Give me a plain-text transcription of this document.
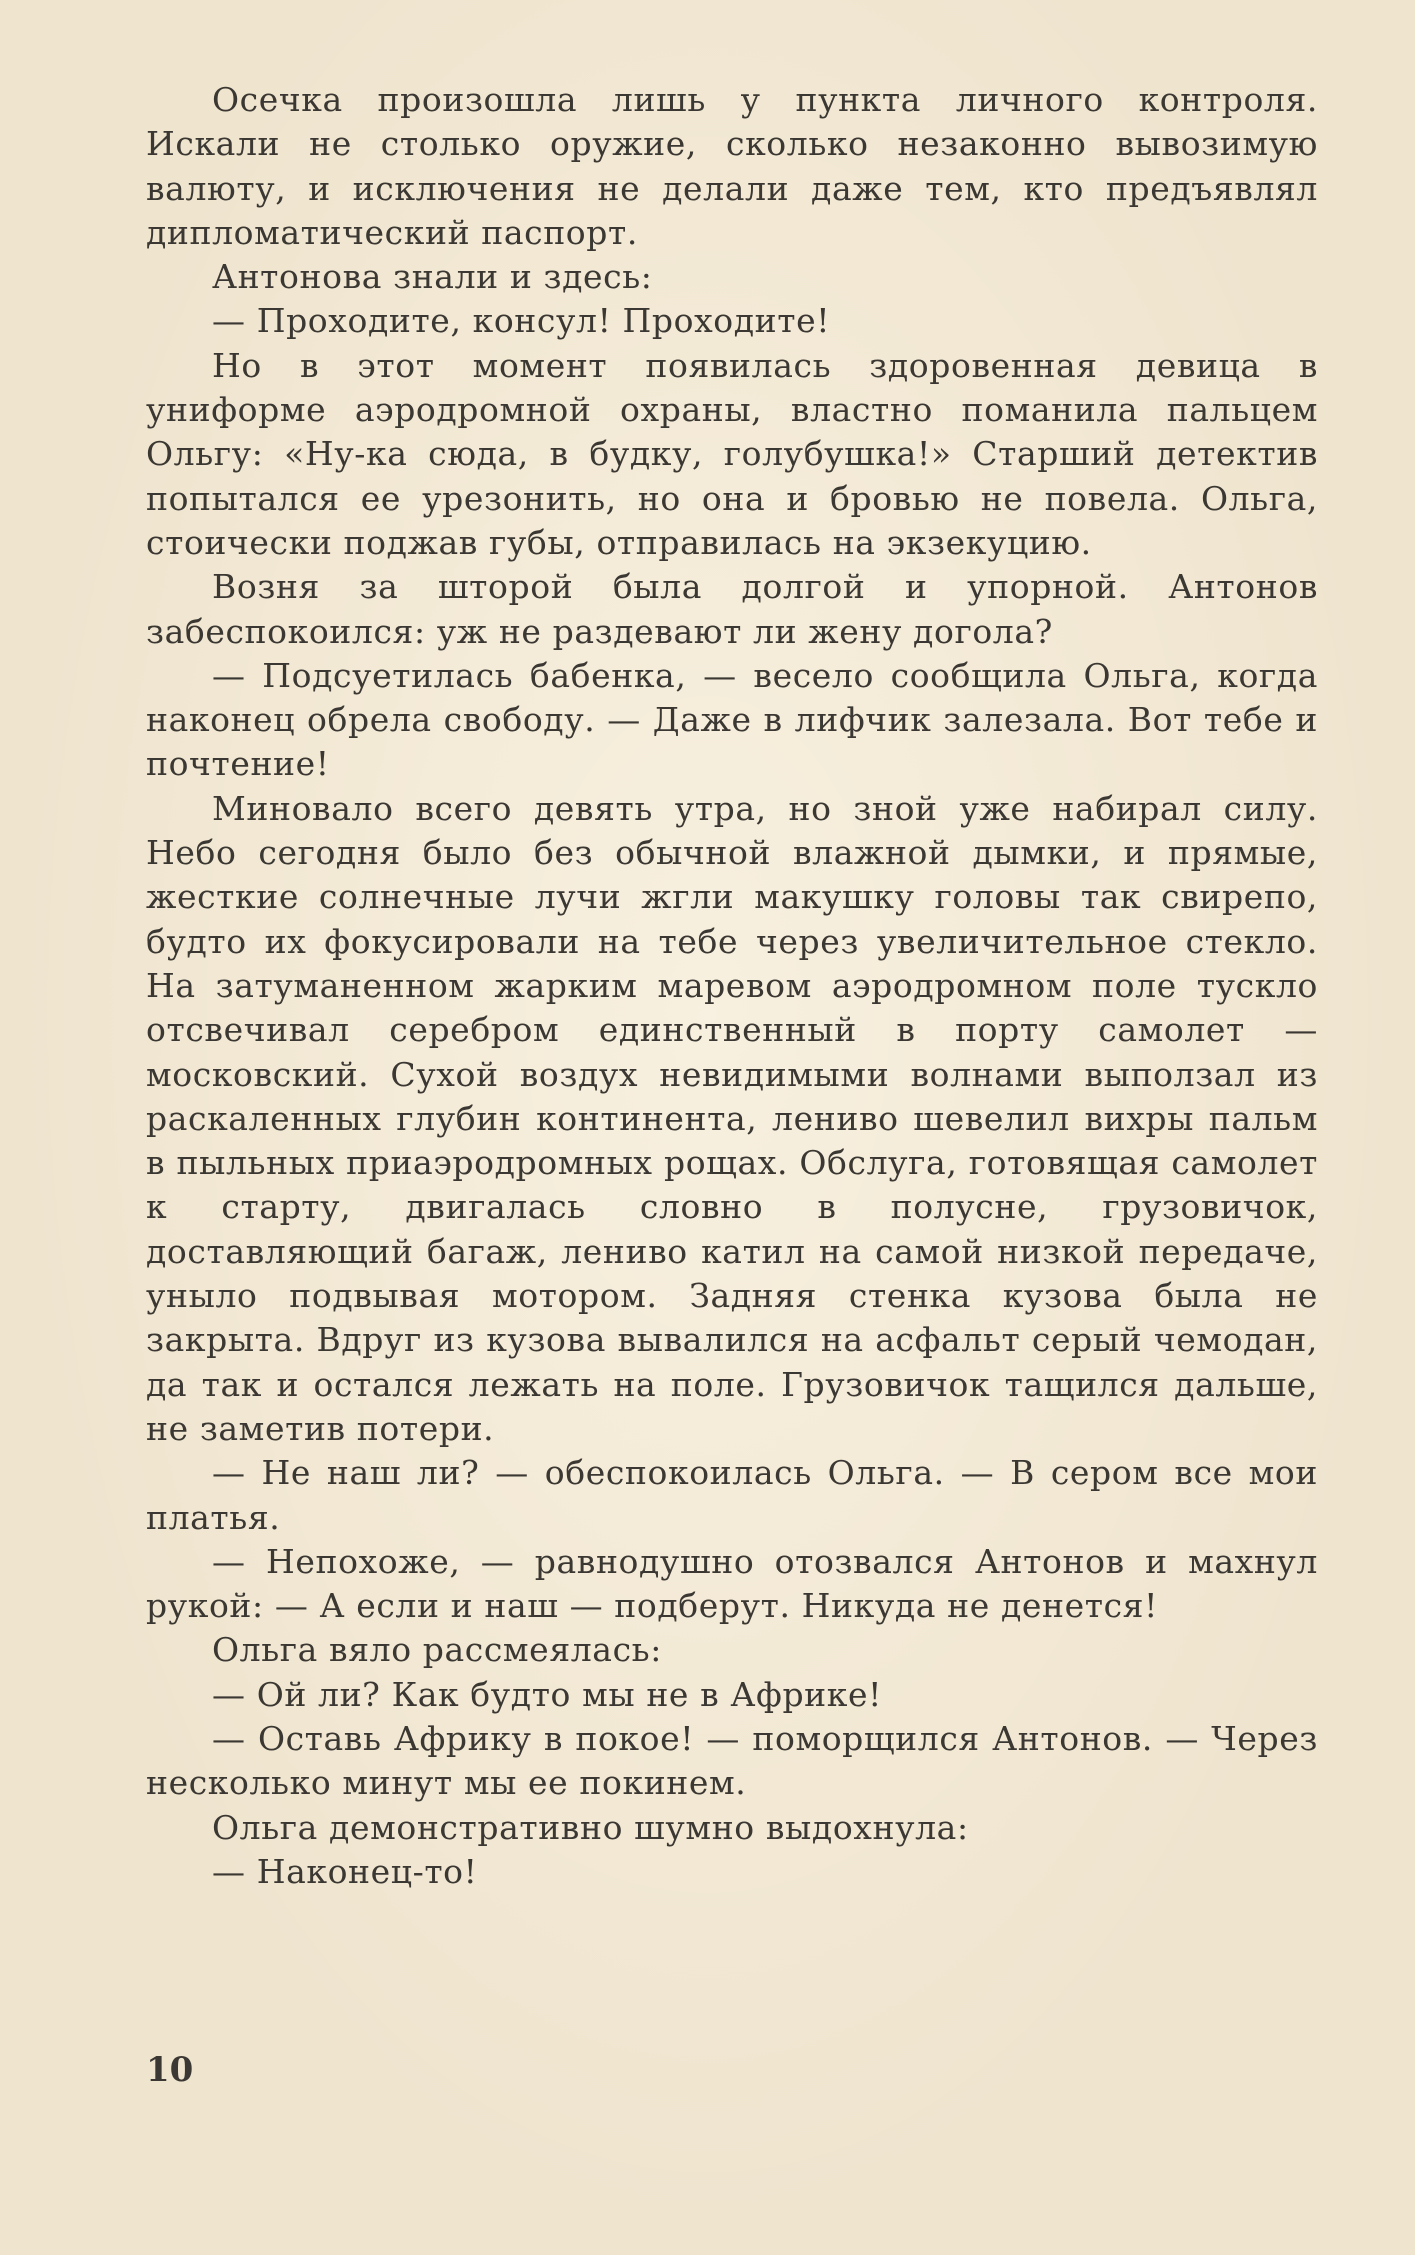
Осечка произошла лишь у пункта личного контроля. Искали не столько оружие, сколько незаконно вывозимую валюту, и исключения не делали даже тем, кто предъявлял дипломатический паспорт.

Антонова знали и здесь:

— Проходите, консул! Проходите!

Но в этот момент появилась здоровенная девица в униформе аэродромной охраны, властно поманила пальцем Ольгу: «Ну-ка сюда, в будку, голубушка!» Старший детектив попытался ее урезонить, но она и бровью не повела. Ольга, стоически поджав губы, отправилась на экзекуцию.

Возня за шторой была долгой и упорной. Антонов забеспокоился: уж не раздевают ли жену догола?

— Подсуетилась бабенка, — весело сообщила Ольга, когда наконец обрела свободу. — Даже в лифчик залезала. Вот тебе и почтение!

Миновало всего девять утра, но зной уже набирал силу. Небо сегодня было без обычной влажной дымки, и прямые, жесткие солнечные лучи жгли макушку головы так свирепо, будто их фокусировали на тебе через увеличительное стекло. На затуманенном жарким маревом аэродромном поле тускло отсвечивал серебром единственный в порту самолет — московский. Сухой воздух невидимыми волнами выползал из раскаленных глубин континента, лениво шевелил вихры пальм в пыльных приаэродромных рощах. Обслуга, готовящая самолет к старту, двигалась словно в полусне, грузовичок, доставляющий багаж, лениво катил на самой низкой передаче, уныло подвывая мотором. Задняя стенка кузова была не закрыта. Вдруг из кузова вывалился на асфальт серый чемодан, да так и остался лежать на поле. Грузовичок тащился дальше, не заметив потери.

— Не наш ли? — обеспокоилась Ольга. — В сером все мои платья.

— Непохоже, — равнодушно отозвался Антонов и махнул рукой: — А если и наш — подберут. Никуда не денется!

Ольга вяло рассмеялась:

— Ой ли? Как будто мы не в Африке!

— Оставь Африку в покое! — поморщился Антонов. — Через несколько минут мы ее покинем.

Ольга демонстративно шумно выдохнула:

— Наконец-то!

10
